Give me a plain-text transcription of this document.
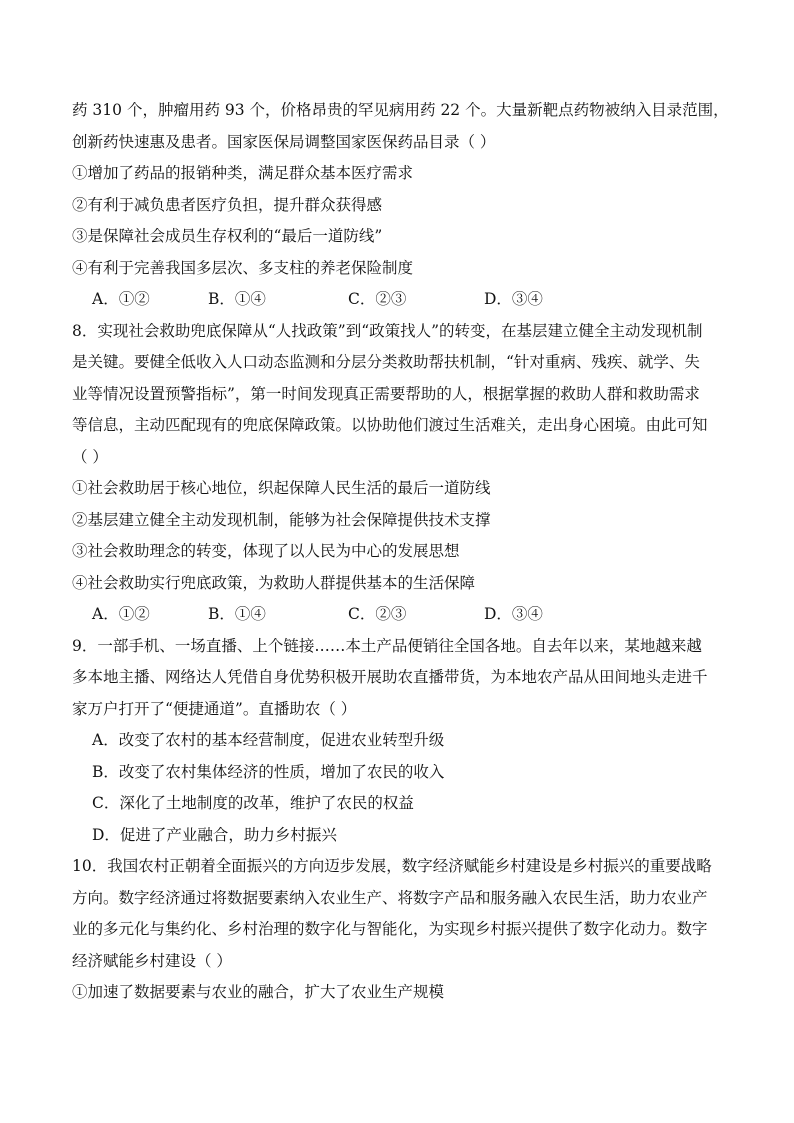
药 310 个，肿瘤用药 93 个，价格昂贵的罕见病用药 22 个。大量新靶点药物被纳入目录范围，
创新药快速惠及患者。国家医保局调整国家医保药品目录（ ）
①增加了药品的报销种类，满足群众基本医疗需求
②有利于减负患者医疗负担，提升群众获得感
③是保障社会成员生存权利的“最后一道防线”
④有利于完善我国多层次、多支柱的养老保险制度
A．①②	B．①④	C．②③	D．③④
8．实现社会救助兜底保障从“人找政策”到“政策找人”的转变，在基层建立健全主动发现机制
是关键。要健全低收入人口动态监测和分层分类救助帮扶机制，“针对重病、残疾、就学、失
业等情况设置预警指标”，第一时间发现真正需要帮助的人，根据掌握的救助人群和救助需求
等信息，主动匹配现有的兜底保障政策。以协助他们渡过生活难关，走出身心困境。由此可知
（ ）
①社会救助居于核心地位，织起保障人民生活的最后一道防线
②基层建立健全主动发现机制，能够为社会保障提供技术支撑
③社会救助理念的转变，体现了以人民为中心的发展思想
④社会救助实行兜底政策，为救助人群提供基本的生活保障
A．①②	B．①④	C．②③	D．③④
9．一部手机、一场直播、上个链接……本土产品便销往全国各地。自去年以来，某地越来越
多本地主播、网络达人凭借自身优势积极开展助农直播带货，为本地农产品从田间地头走进千
家万户打开了“便捷通道”。直播助农（ ）
A．改变了农村的基本经营制度，促进农业转型升级
B．改变了农村集体经济的性质，增加了农民的收入
C．深化了土地制度的改革，维护了农民的权益
D．促进了产业融合，助力乡村振兴
10．我国农村正朝着全面振兴的方向迈步发展，数字经济赋能乡村建设是乡村振兴的重要战略
方向。数字经济通过将数据要素纳入农业生产、将数字产品和服务融入农民生活，助力农业产
业的多元化与集约化、乡村治理的数字化与智能化，为实现乡村振兴提供了数字化动力。数字
经济赋能乡村建设（ ）
①加速了数据要素与农业的融合，扩大了农业生产规模
